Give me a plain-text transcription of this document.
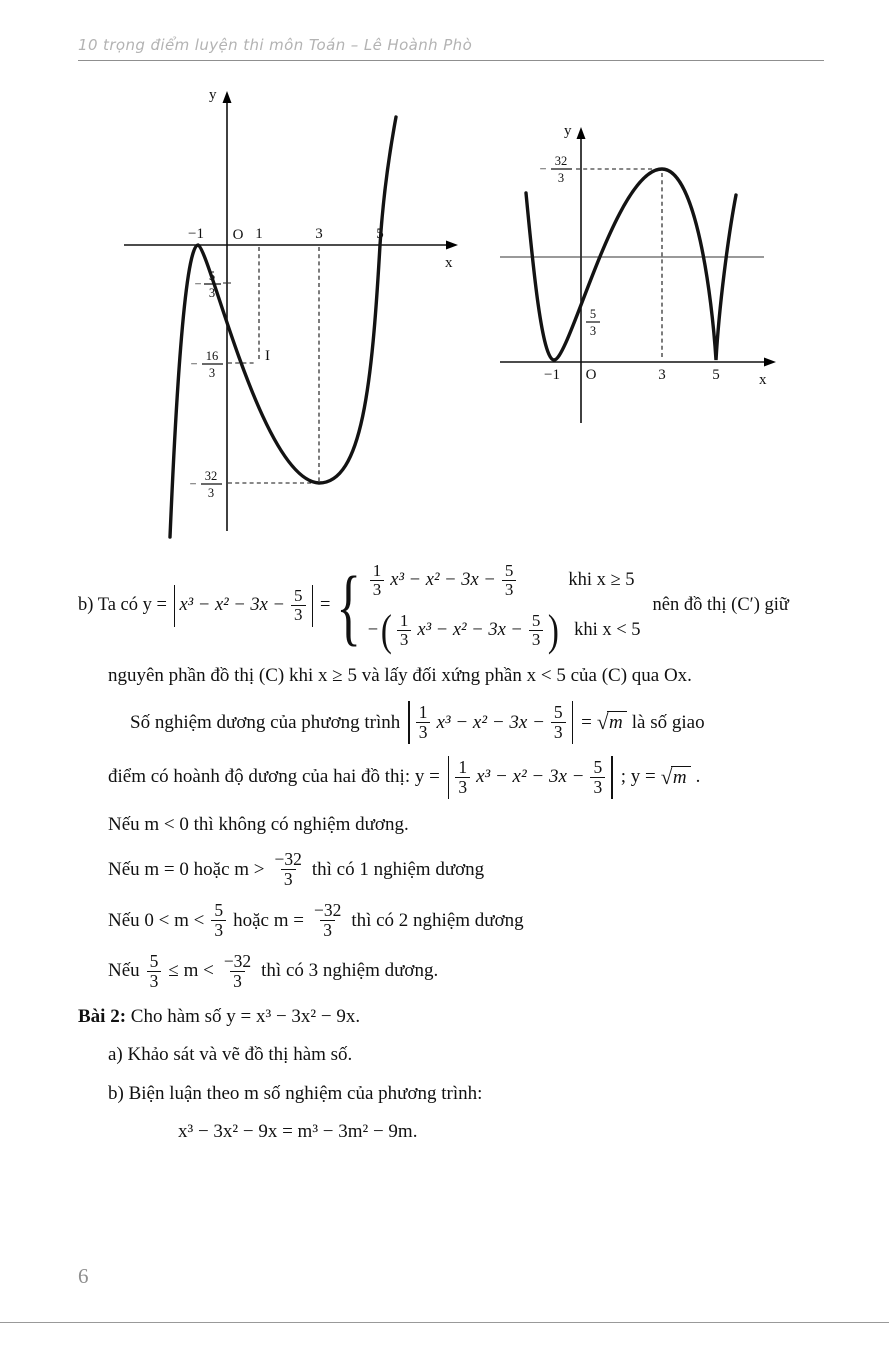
10 trọng điểm luyện thi môn Toán – Lê Hoành Phò
y
x
−1 O 1	3	5
I
−
5
3
−
16
3
−
32
3
y
x
−1 O	3	5
−
32
3
5
3
b) Ta có $y = x^3 - x^2 - 3x - \frac{5}{3}$ = { $\frac{1}{3} x^3 - x^2 - 3x - \frac{5}{3}$	khi x ≥ 5
− ( $\frac{1}{3} x^3 - x^2 - 3x - \frac{5}{3}$ ) khi x < 5
nên đồ thị (C′) giữ
nguyên phần đồ thị (C) khi x ≥ 5 và lấy đối xứng phần x < 5 của (C) qua Ox.
Số nghiệm dương của phương trình $\frac{1}{3} x^3 - x^2 - 3x - \frac{5}{3}$ = √ m là số giao
điểm có hoành độ dương của hai đồ thị: $y = \frac{1}{3} x^3 - x^2 - 3x - \frac{5}{3}$ ; y = √ m .
Nếu m < 0 thì không có nghiệm dương.
Nếu m = 0 hoặc $m > \frac{-32}{3}$ thì có 1 nghiệm dương
Nếu $0 < m < \frac{5}{3}$ hoặc $m = \frac{-32}{3}$ thì có 2 nghiệm dương
Nếu $\frac{5}{3} \le m < \frac{-32}{3}$ thì có 3 nghiệm dương.
Bài 2: Cho hàm số y = x³ − 3x² − 9x.
a) Khảo sát và vẽ đồ thị hàm số.
b) Biện luận theo m số nghiệm của phương trình:
x³ − 3x² − 9x = m³ − 3m² − 9m.
6
